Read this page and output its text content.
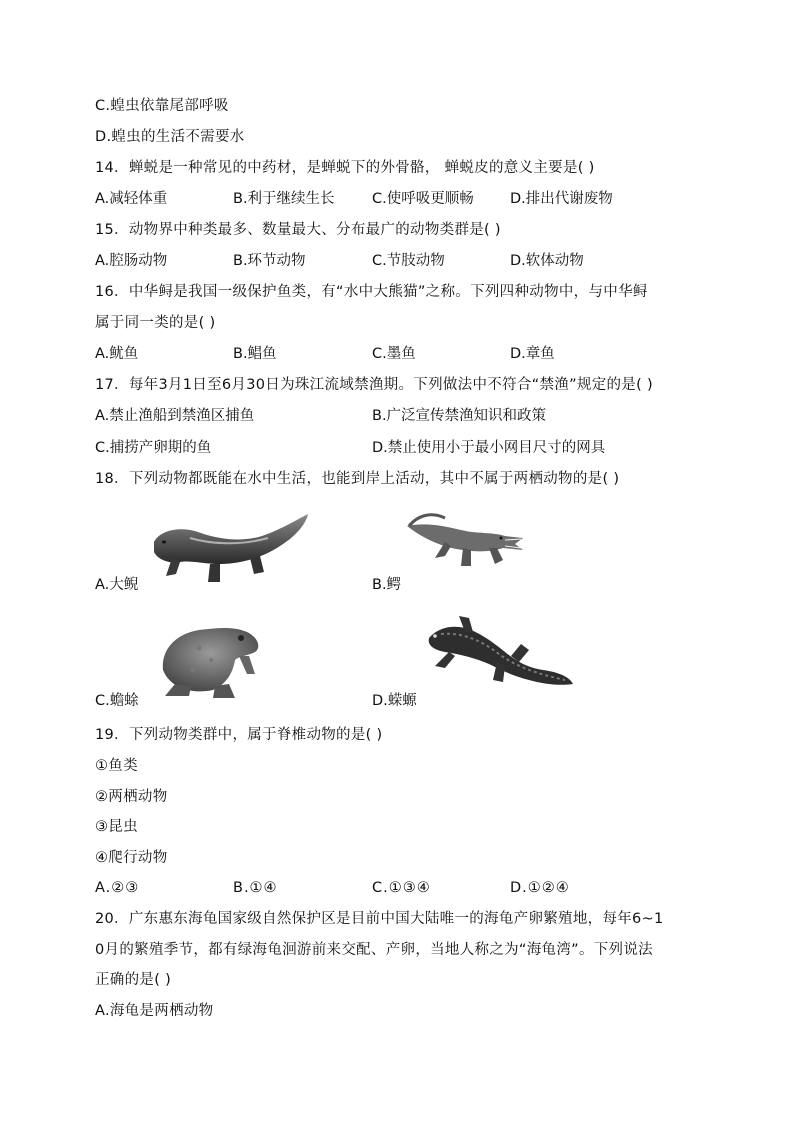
C.蝗虫依靠尾部呼吸
D.蝗虫的生活不需要水
14．蝉蜕是一种常见的中药材，是蝉蜕下的外骨骼， 蝉蜕皮的意义主要是( )
A.减轻体重	B.利于继续生长	C.使呼吸更顺畅	D.排出代谢废物
15．动物界中种类最多、数量最大、分布最广的动物类群是( )
A.腔肠动物	B.环节动物	C.节肢动物	D.软体动物
16．中华鲟是我国一级保护鱼类，有“水中大熊猫”之称。下列四种动物中，与中华鲟
属于同一类的是( )
A.鱿鱼	B.鲳鱼	C.墨鱼	D.章鱼
17．每年3月1日至6月30日为珠江流域禁渔期。下列做法中不符合“禁渔”规定的是( )
A.禁止渔船到禁渔区捕鱼	B.广泛宣传禁渔知识和政策
C.捕捞产卵期的鱼	D.禁止使用小于最小网目尺寸的网具
18．下列动物都既能在水中生活，也能到岸上活动，其中不属于两栖动物的是( )
A.大鲵	B.鳄
C.蟾蜍	D.蝾螈
19．下列动物类群中，属于脊椎动物的是( )
①鱼类
②两栖动物
③昆虫
④爬行动物
A.②③	B.①④	C.①③④	D.①②④
20．广东惠东海龟国家级自然保护区是目前中国大陆唯一的海龟产卵繁殖地，每年6~1
0月的繁殖季节，都有绿海龟洄游前来交配、产卵，当地人称之为“海龟湾”。下列说法
正确的是( )
A.海龟是两栖动物
